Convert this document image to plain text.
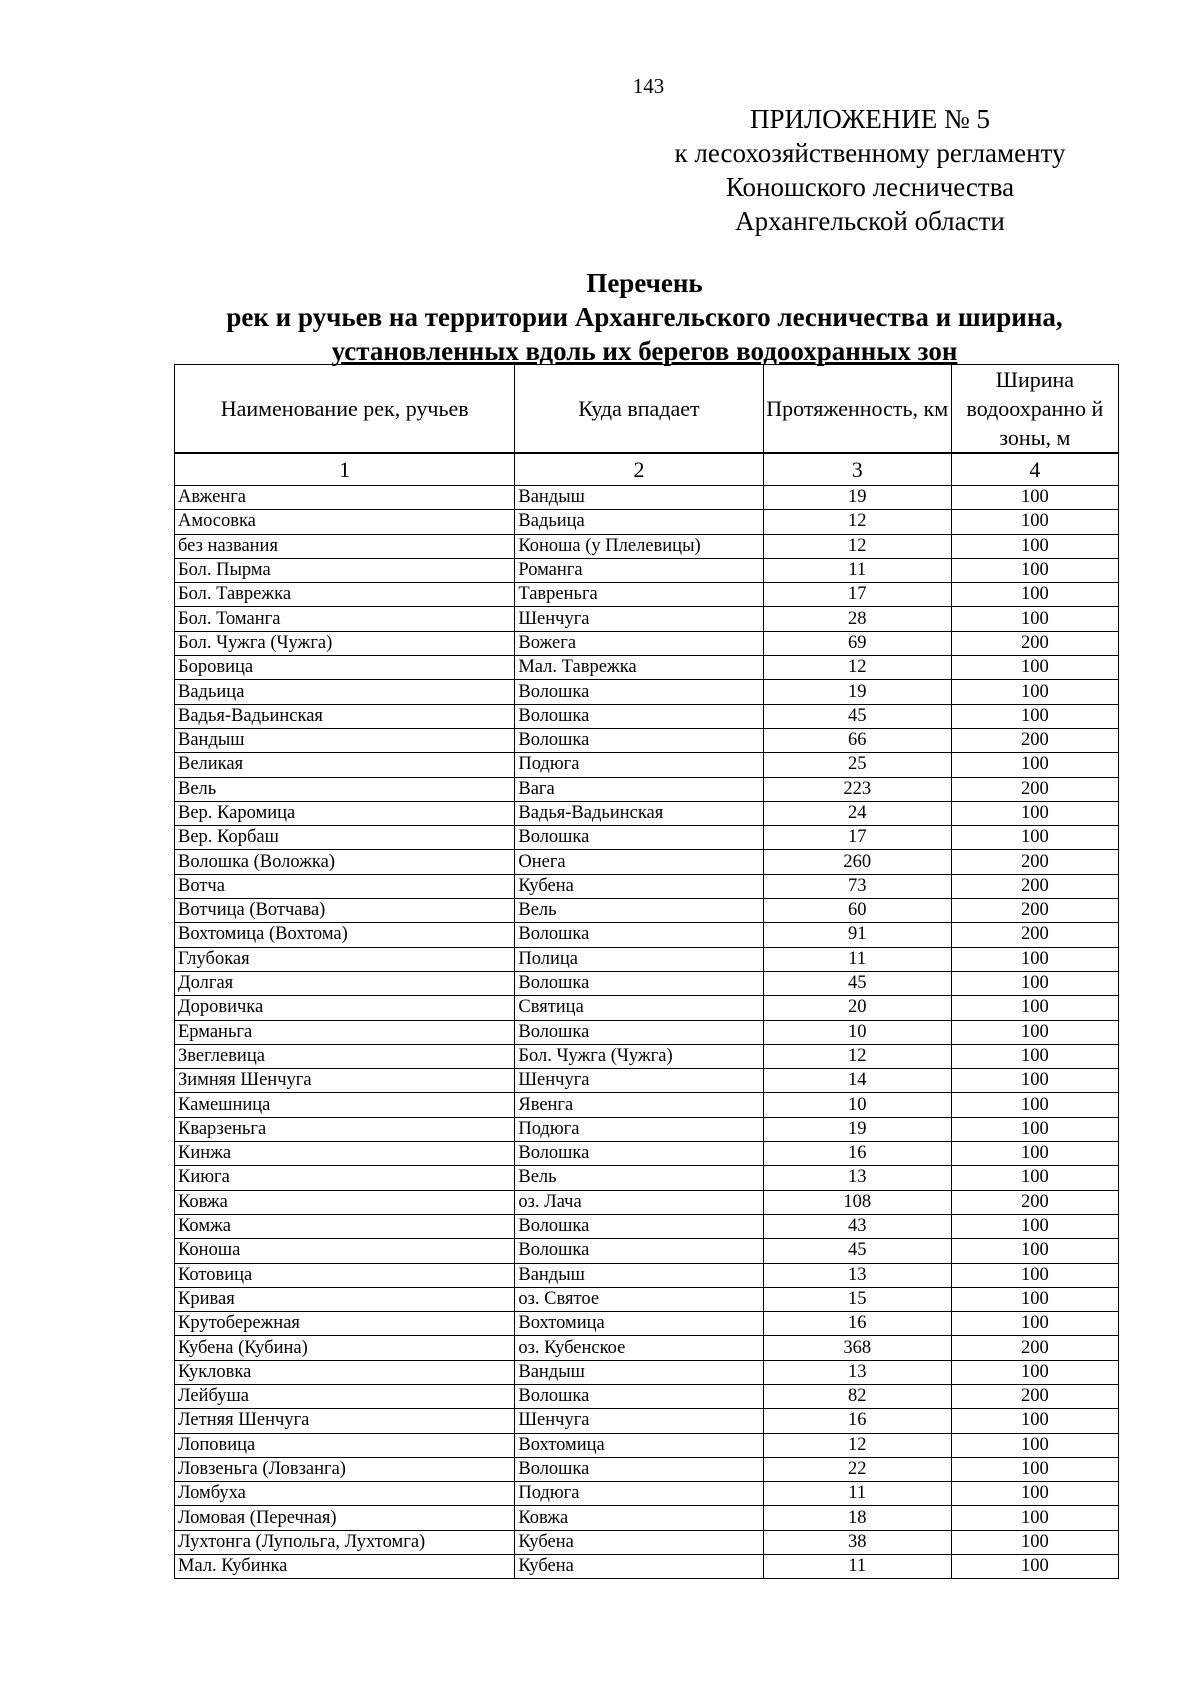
143
ПРИЛОЖЕНИЕ № 5
к лесохозяйственному регламенту
Коношского лесничества
Архангельской области
Перечень
рек и ручьев на территории Архангельского лесничества и ширина,
установленных вдоль их берегов водоохранных зон
Наименование рек, ручьев	Куда впадает	Протяженность, км	Ширина водоохранно й зоны, м
1	2	3	4
Авженга	Вандыш	19	100
Амосовка	Вадьица	12	100
без названия	Коноша (у Плелевицы)	12	100
Бол. Пырма	Романга	11	100
Бол. Таврежка	Тавреньга	17	100
Бол. Томанга	Шенчуга	28	100
Бол. Чужга (Чужга)	Вожега	69	200
Боровица	Мал. Таврежка	12	100
Вадьица	Волошка	19	100
Вадья-Вадьинская	Волошка	45	100
Вандыш	Волошка	66	200
Великая	Подюга	25	100
Вель	Вага	223	200
Вер. Каромица	Вадья-Вадьинская	24	100
Вер. Корбаш	Волошка	17	100
Волошка (Воложка)	Онега	260	200
Вотча	Кубена	73	200
Вотчица (Вотчава)	Вель	60	200
Вохтомица (Вохтома)	Волошка	91	200
Глубокая	Полица	11	100
Долгая	Волошка	45	100
Доровичка	Святица	20	100
Ерманьга	Волошка	10	100
Звеглевица	Бол. Чужга (Чужга)	12	100
Зимняя Шенчуга	Шенчуга	14	100
Камешница	Явенга	10	100
Кварзеньга	Подюга	19	100
Кинжа	Волошка	16	100
Киюга	Вель	13	100
Ковжа	оз. Лача	108	200
Комжа	Волошка	43	100
Коноша	Волошка	45	100
Котовица	Вандыш	13	100
Кривая	оз. Святое	15	100
Крутобережная	Вохтомица	16	100
Кубена (Кубина)	оз. Кубенское	368	200
Кукловка	Вандыш	13	100
Лейбуша	Волошка	82	200
Летняя Шенчуга	Шенчуга	16	100
Лоповица	Вохтомица	12	100
Ловзеньга (Ловзанга)	Волошка	22	100
Ломбуха	Подюга	11	100
Ломовая (Перечная)	Ковжа	18	100
Лухтонга (Лупольга, Лухтомга)	Кубена	38	100
Мал. Кубинка	Кубена	11	100
